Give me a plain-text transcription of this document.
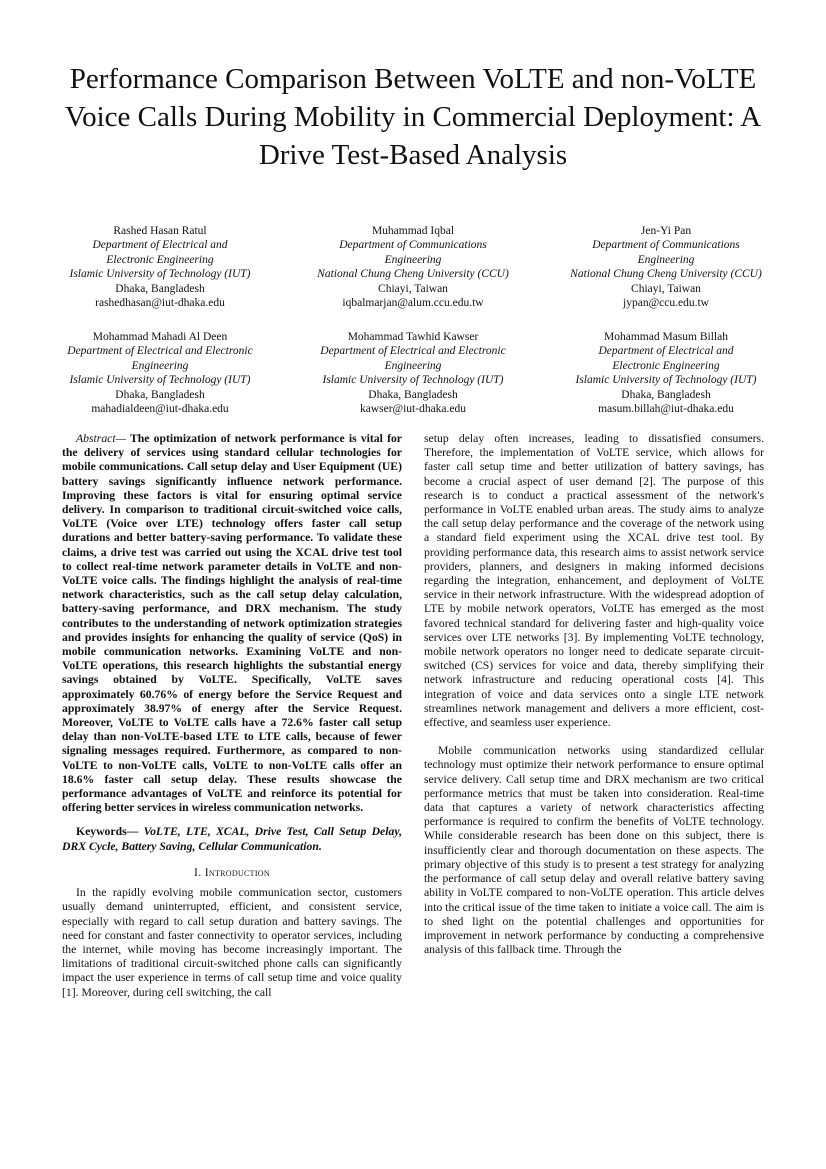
Performance Comparison Between VoLTE and non-VoLTE Voice Calls During Mobility in Commercial Deployment: A Drive Test-Based Analysis
Rashed Hasan Ratul
Department of Electrical and Electronic Engineering
Islamic University of Technology (IUT)
Dhaka, Bangladesh
rashedhasan@iut-dhaka.edu
Muhammad Iqbal
Department of Communications Engineering
National Chung Cheng University (CCU)
Chiayi, Taiwan
iqbalmarjan@alum.ccu.edu.tw
Jen-Yi Pan
Department of Communications Engineering
National Chung Cheng University (CCU)
Chiayi, Taiwan
jypan@ccu.edu.tw
Mohammad Mahadi Al Deen
Department of Electrical and Electronic Engineering
Islamic University of Technology (IUT)
Dhaka, Bangladesh
mahadialdeen@iut-dhaka.edu
Mohammad Tawhid Kawser
Department of Electrical and Electronic Engineering
Islamic University of Technology (IUT)
Dhaka, Bangladesh
kawser@iut-dhaka.edu
Mohammad Masum Billah
Department of Electrical and Electronic Engineering
Islamic University of Technology (IUT)
Dhaka, Bangladesh
masum.billah@iut-dhaka.edu

Abstract— The optimization of network performance is vital for the delivery of services using standard cellular technologies for mobile communications. Call setup delay and User Equipment (UE) battery savings significantly influence network performance. Improving these factors is vital for ensuring optimal service delivery. In comparison to traditional circuit-switched voice calls, VoLTE (Voice over LTE) technology offers faster call setup durations and better battery-saving performance. To validate these claims, a drive test was carried out using the XCAL drive test tool to collect real-time network parameter details in VoLTE and non-VoLTE voice calls. The findings highlight the analysis of real-time network characteristics, such as the call setup delay calculation, battery-saving performance, and DRX mechanism. The study contributes to the understanding of network optimization strategies and provides insights for enhancing the quality of service (QoS) in mobile communication networks. Examining VoLTE and non-VoLTE operations, this research highlights the substantial energy savings obtained by VoLTE. Specifically, VoLTE saves approximately 60.76% of energy before the Service Request and approximately 38.97% of energy after the Service Request. Moreover, VoLTE to VoLTE calls have a 72.6% faster call setup delay than non-VoLTE-based LTE to LTE calls, because of fewer signaling messages required. Furthermore, as compared to non-VoLTE to non-VoLTE calls, VoLTE to non-VoLTE calls offer an 18.6% faster call setup delay. These results showcase the performance advantages of VoLTE and reinforce its potential for offering better services in wireless communication networks.

Keywords— VoLTE, LTE, XCAL, Drive Test, Call Setup Delay, DRX Cycle, Battery Saving, Cellular Communication.

I. Introduction

In the rapidly evolving mobile communication sector, customers usually demand uninterrupted, efficient, and consistent service, especially with regard to call setup duration and battery savings. The need for constant and faster connectivity to operator services, including the internet, while moving has become increasingly important. The limitations of traditional circuit-switched phone calls can significantly impact the user experience in terms of call setup time and voice quality [1]. Moreover, during cell switching, the call

setup delay often increases, leading to dissatisfied consumers. Therefore, the implementation of VoLTE service, which allows for faster call setup time and better utilization of battery savings, has become a crucial aspect of user demand [2]. The purpose of this research is to conduct a practical assessment of the network's performance in VoLTE enabled urban areas. The study aims to analyze the call setup delay performance and the coverage of the network using a standard field experiment using the XCAL drive test tool. By providing performance data, this research aims to assist network service providers, planners, and designers in making informed decisions regarding the integration, enhancement, and deployment of VoLTE service in their network infrastructure. With the widespread adoption of LTE by mobile network operators, VoLTE has emerged as the most favored technical standard for delivering faster and high-quality voice services over LTE networks [3]. By implementing VoLTE technology, mobile network operators no longer need to dedicate separate circuit-switched (CS) services for voice and data, thereby simplifying their network infrastructure and reducing operational costs [4]. This integration of voice and data services onto a single LTE network streamlines network management and delivers a more efficient, cost-effective, and seamless user experience.

Mobile communication networks using standardized cellular technology must optimize their network performance to ensure optimal service delivery. Call setup time and DRX mechanism are two critical performance metrics that must be taken into consideration. Real-time data that captures a variety of network characteristics affecting performance is required to confirm the benefits of VoLTE technology. While considerable research has been done on this subject, there is insufficiently clear and thorough documentation on these aspects. The primary objective of this study is to present a test strategy for analyzing the performance of call setup delay and overall relative battery saving ability in VoLTE compared to non-VoLTE operation. This article delves into the critical issue of the time taken to initiate a voice call. The aim is to shed light on the potential challenges and opportunities for improvement in network performance by conducting a comprehensive analysis of this fallback time. Through the
